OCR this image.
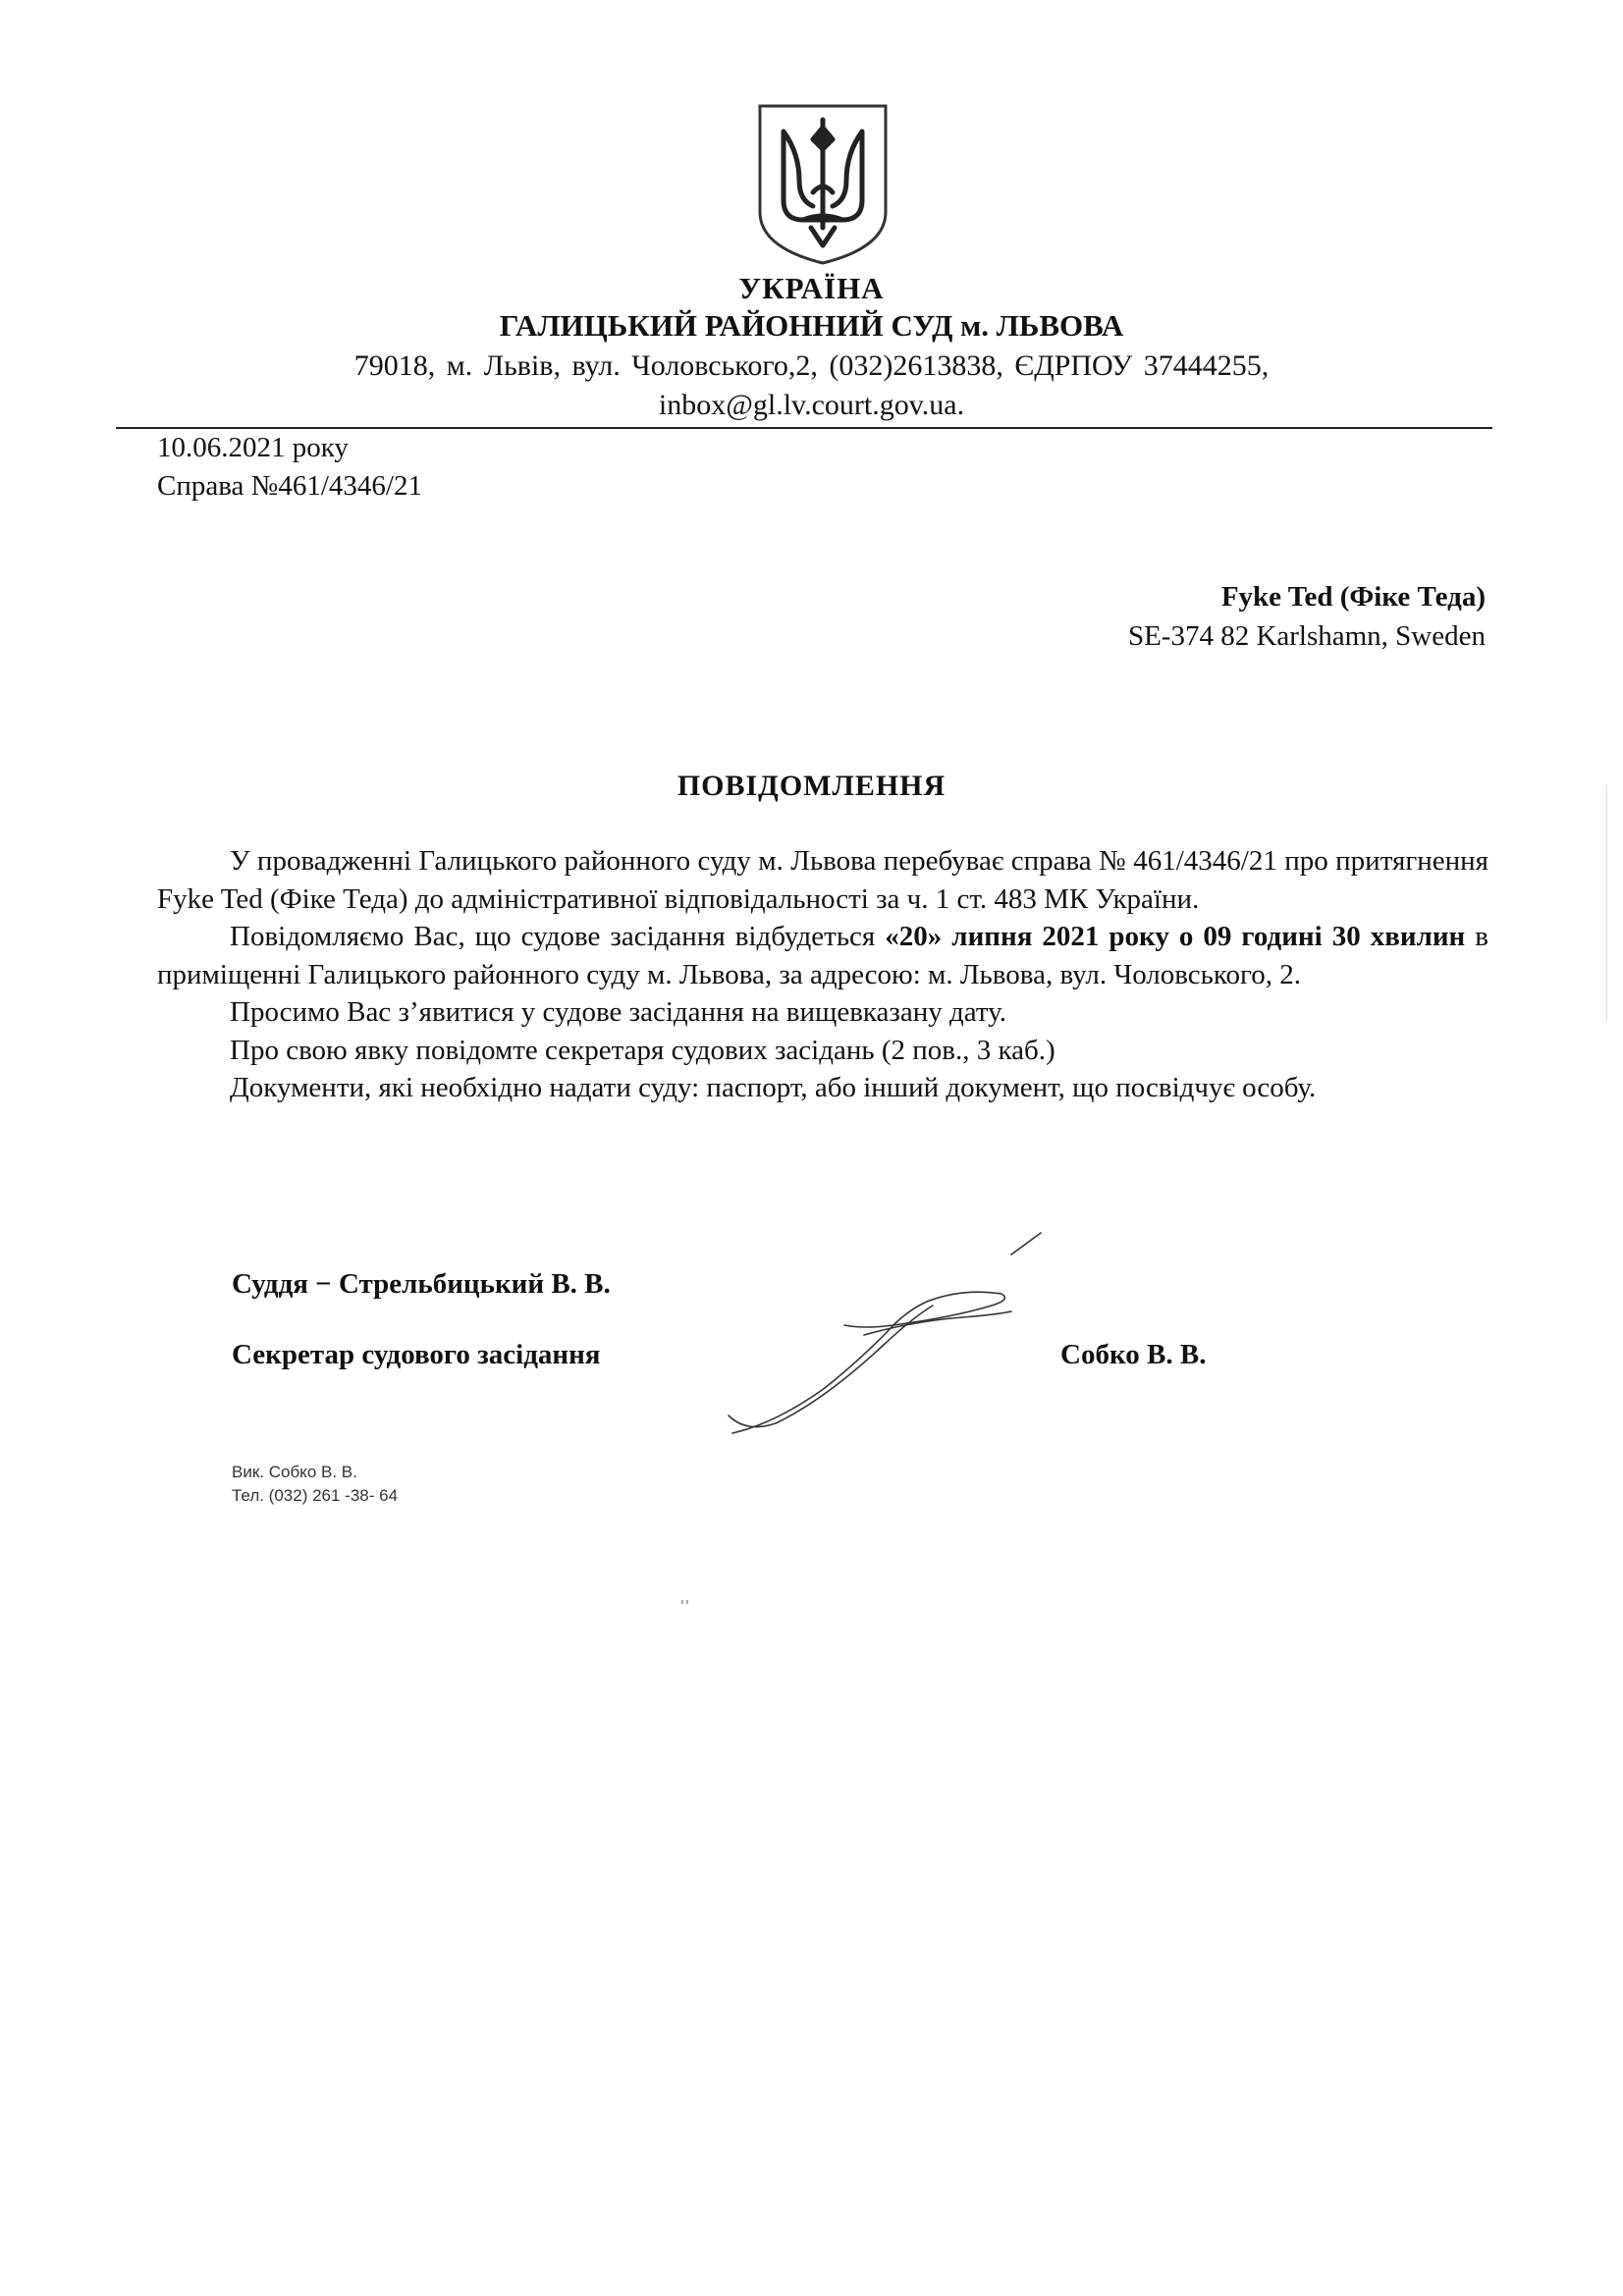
УКРАЇНА
ГАЛИЦЬКИЙ РАЙОННИЙ СУД м. ЛЬВОВА
79018, м. Львів, вул. Чоловського,2, (032)2613838, ЄДРПОУ 37444255,
inbox@gl.lv.court.gov.ua.
10.06.2021 року
Справа №461/4346/21
Fyke Ted (Фіке Теда)
SE-374 82 Karlshamn, Sweden
ПОВІДОМЛЕННЯ

У провадженні Галицького районного суду м. Львова перебуває справа № 461/4346/21 про притягнення Fyke Ted (Фіке Теда) до адміністративної відповідальності за ч. 1 ст. 483 МК України.

Повідомляємо Вас, що судове засідання відбудеться «20» липня 2021 року о 09 годині 30 хвилин в приміщенні Галицького районного суду м. Львова, за адресою: м. Львова, вул. Чоловського, 2.

Просимо Вас з’явитися у судове засідання на вищевказану дату.

Про свою явку повідомте секретаря судових засідань (2 пов., 3 каб.)

Документи, які необхідно надати суду: паспорт, або інший документ, що посвідчує особу.

Суддя − Стрельбицький В. В.
Секретар судового засідання	Собко В. В.
Вик. Собко В. В.
Тел. (032) 261 -38- 64
